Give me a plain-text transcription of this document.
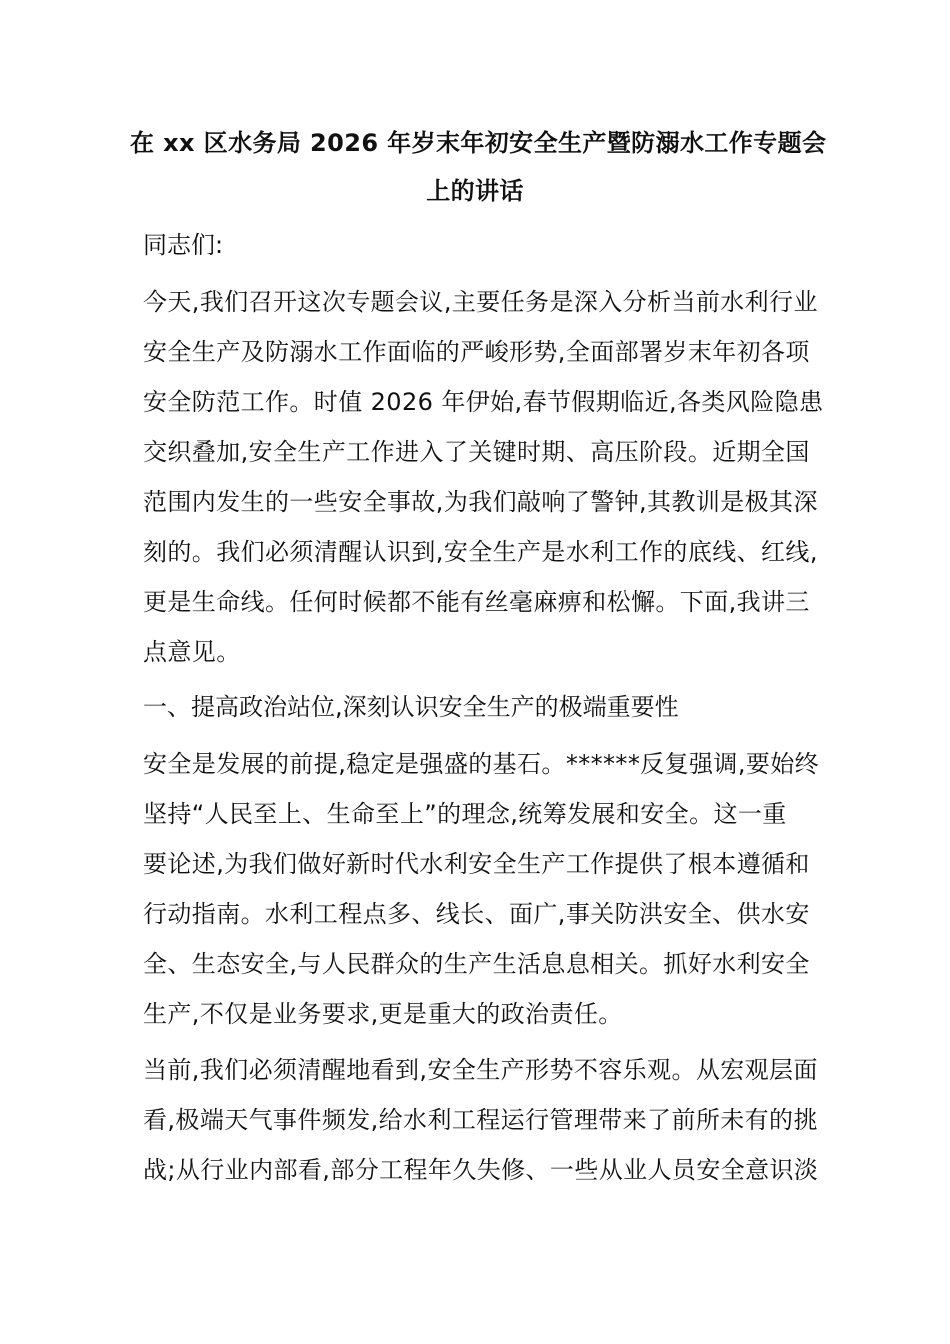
在 xx 区水务局 2026 年岁末年初安全生产暨防溺水工作专题会
上的讲话
同志们:
今天,我们召开这次专题会议,主要任务是深入分析当前水利行业
安全生产及防溺水工作面临的严峻形势,全面部署岁末年初各项
安全防范工作。时值 2026 年伊始,春节假期临近,各类风险隐患
交织叠加,安全生产工作进入了关键时期、高压阶段。近期全国
范围内发生的一些安全事故,为我们敲响了警钟,其教训是极其深
刻的。我们必须清醒认识到,安全生产是水利工作的底线、红线,
更是生命线。任何时候都不能有丝毫麻痹和松懈。下面,我讲三
点意见。
一、提高政治站位,深刻认识安全生产的极端重要性
安全是发展的前提,稳定是强盛的基石。******反复强调,要始终
坚持“人民至上、生命至上”的理念,统筹发展和安全。这一重
要论述,为我们做好新时代水利安全生产工作提供了根本遵循和
行动指南。水利工程点多、线长、面广,事关防洪安全、供水安
全、生态安全,与人民群众的生产生活息息相关。抓好水利安全
生产,不仅是业务要求,更是重大的政治责任。
当前,我们必须清醒地看到,安全生产形势不容乐观。从宏观层面
看,极端天气事件频发,给水利工程运行管理带来了前所未有的挑
战;从行业内部看,部分工程年久失修、一些从业人员安全意识淡
